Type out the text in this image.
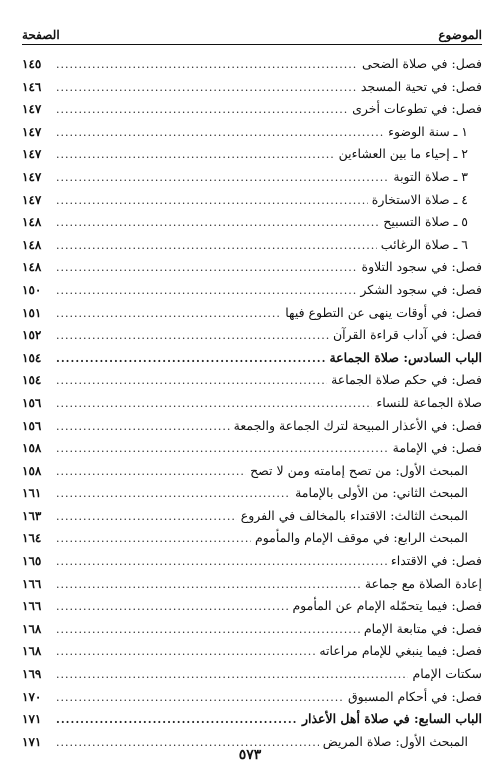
الموضوع
الصفحة
فصل: في صلاة الضحى
.....
١٤٥
فصل: في تحية المسجد
.....
١٤٦
فصل: في تطوعات أخرى
.....
١٤٧
١ ـ سنة الوضوء
.....
١٤٧
٢ ـ إحياء ما بين العشاءين
.....
١٤٧
٣ ـ صلاة التوبة
.....
١٤٧
٤ ـ صلاة الاستخارة
.....
١٤٧
٥ ـ صلاة التسبيح
.....
١٤٨
٦ ـ صلاة الرغائب
.....
١٤٨
فصل: في سجود التلاوة
.....
١٤٨
فصل: في سجود الشكر
.....
١٥٠
فصل: في أوقات ينهى عن التطوع فيها
.....
١٥١
فصل: في آداب قراءة القرآن
.....
١٥٢
الباب السادس: صلاة الجماعة
.....
١٥٤
فصل: في حكم صلاة الجماعة
.....
١٥٤
صلاة الجماعة للنساء
.....
١٥٦
فصل: في الأعذار المبيحة لترك الجماعة والجمعة
.....
١٥٦
فصل: في الإمامة
.....
١٥٨
المبحث الأول: من تصح إمامته ومن لا تصح
.....
١٥٨
المبحث الثاني: من الأولى بالإمامة
.....
١٦١
المبحث الثالث: الاقتداء بالمخالف في الفروع
.....
١٦٣
المبحث الرابع: في موقف الإمام والمأموم
.....
١٦٤
فصل: في الاقتداء
.....
١٦٥
إعادة الصلاة مع جماعة
.....
١٦٦
فصل: فيما يتحمّله الإمام عن المأموم
.....
١٦٦
فصل: في متابعة الإمام
.....
١٦٨
فصل: فيما ينبغي للإمام مراعاته
.....
١٦٨
سكتات الإمام
.....
١٦٩
فصل: في أحكام المسبوق
.....
١٧٠
الباب السابع: في صلاة أهل الأعذار
.....
١٧١
المبحث الأول: صلاة المريض
.....
١٧١
٥٧٣
